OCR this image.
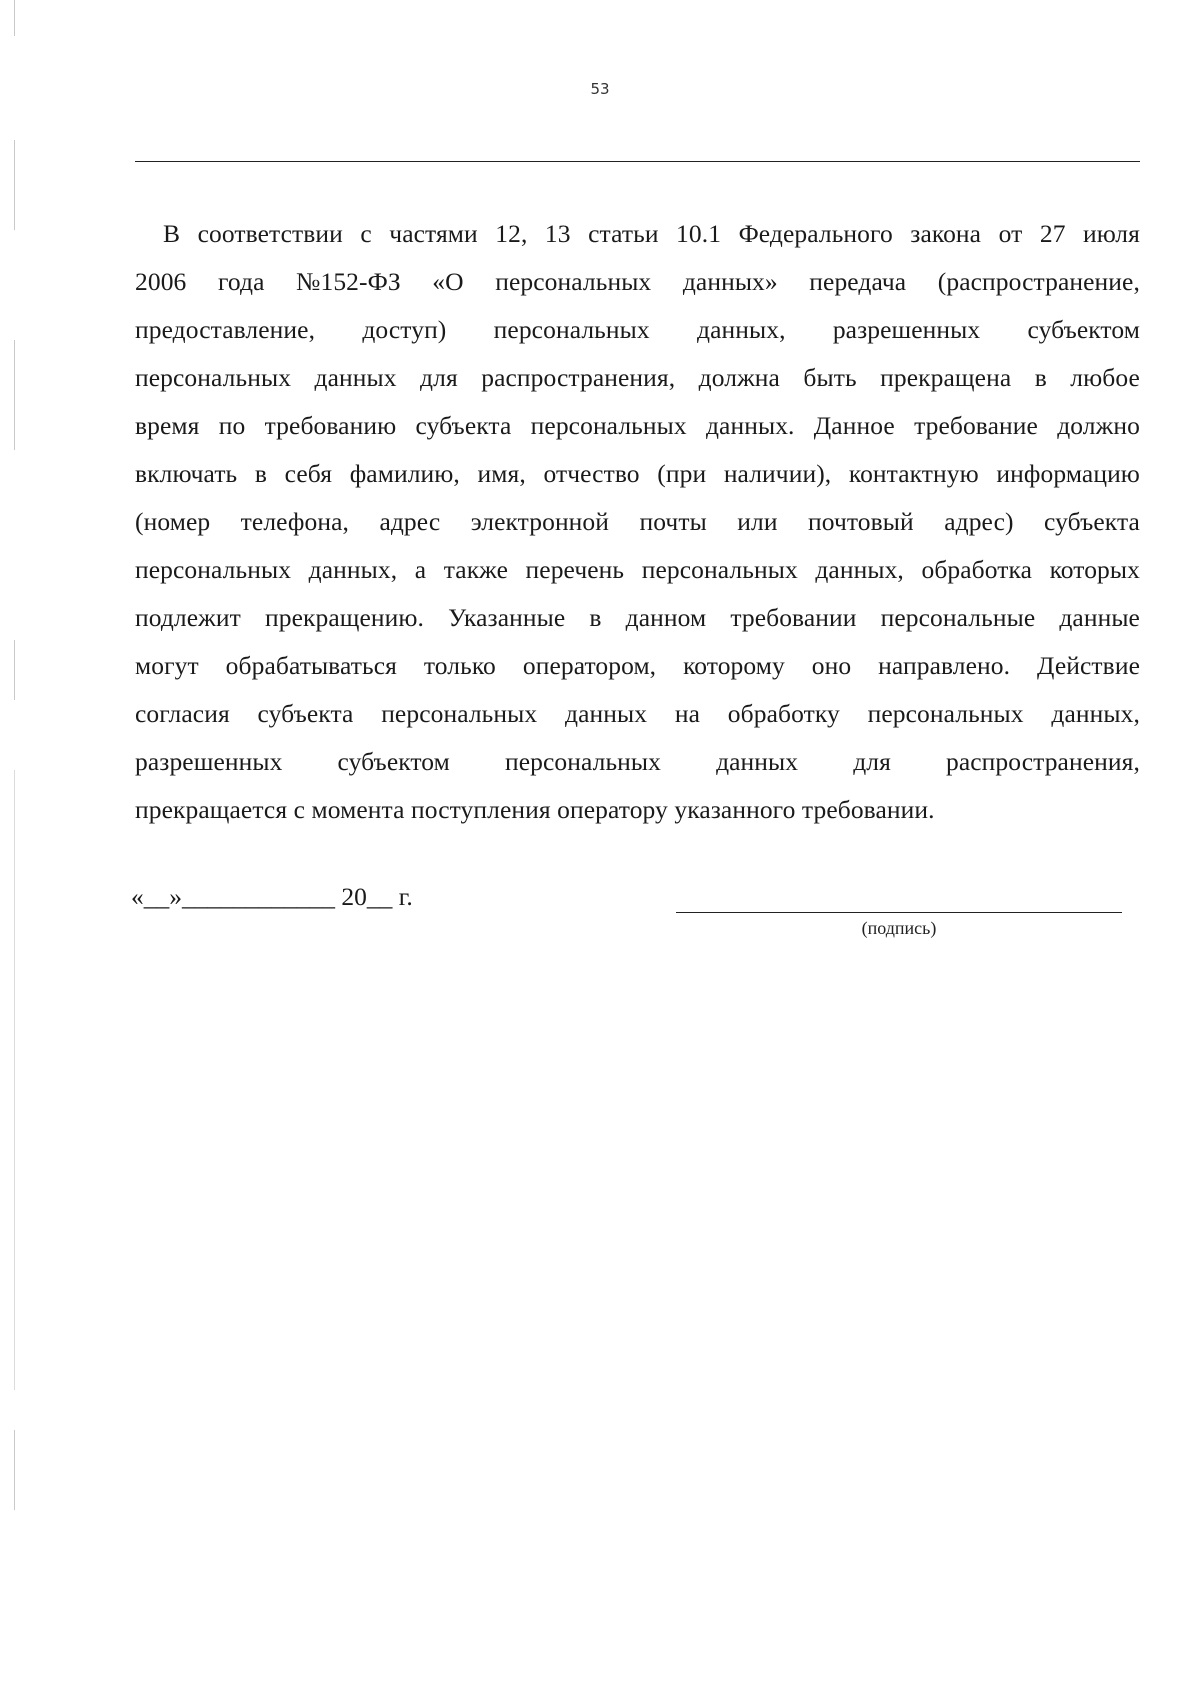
53
В соответствии с частями 12, 13 статьи 10.1 Федерального закона от 27 июля
2006 года №152-ФЗ «О персональных данных» передача (распространение,
предоставление, доступ) персональных данных, разрешенных субъектом
персональных данных для распространения, должна быть прекращена в любое
время по требованию субъекта персональных данных. Данное требование должно
включать в себя фамилию, имя, отчество (при наличии), контактную информацию
(номер телефона, адрес электронной почты или почтовый адрес) субъекта
персональных данных, а также перечень персональных данных, обработка которых
подлежит прекращению. Указанные в данном требовании персональные данные
могут обрабатываться только оператором, которому оно направлено. Действие
согласия субъекта персональных данных на обработку персональных данных,
разрешенных субъектом персональных данных для распространения,
прекращается с момента поступления оператору указанного требовании.
«__»____________ 20__ г.
(подпись)
